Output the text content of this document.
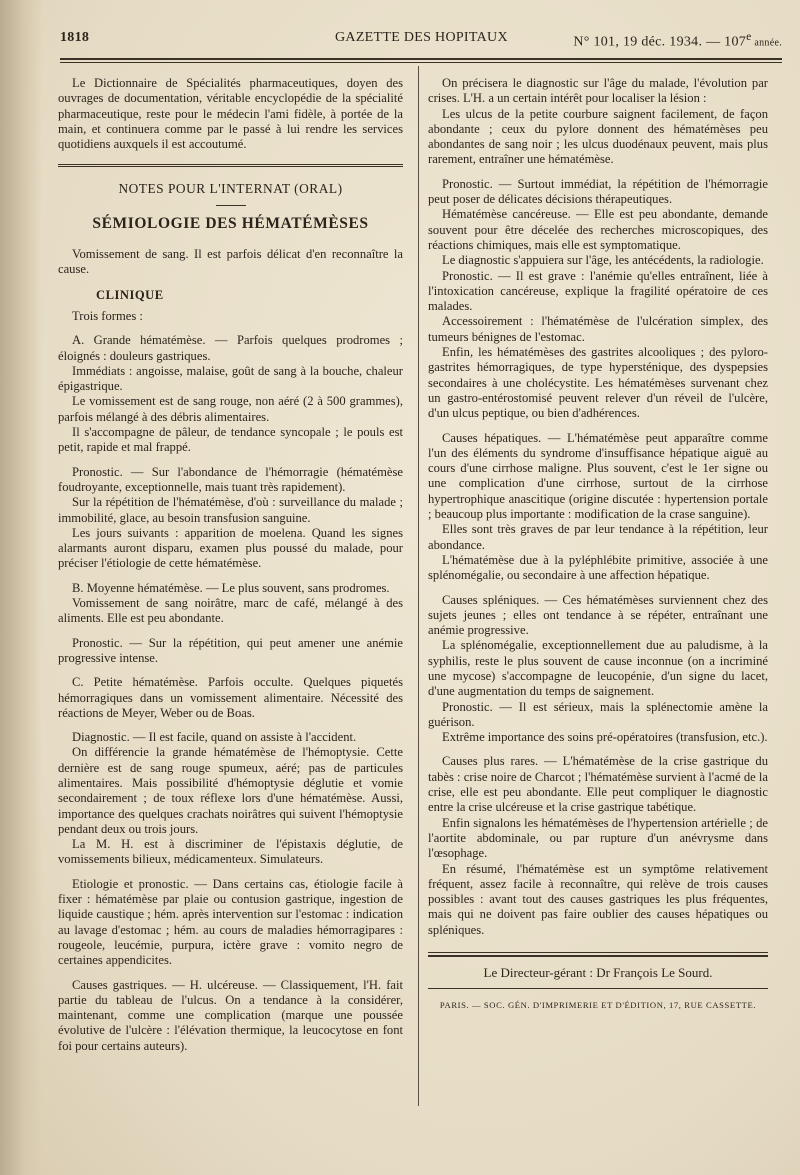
1818	GAZETTE DES HOPITAUX	N° 101, 19 déc. 1934. — 107e année.

Le Dictionnaire de Spécialités pharmaceutiques, doyen des ouvrages de documentation, véritable encyclopédie de la spécialité pharmaceutique, reste pour le médecin l'ami fidèle, à portée de la main, et continuera comme par le passé à lui rendre les services quotidiens auxquels il est accoutumé.

NOTES POUR L'INTERNAT (ORAL)
SÉMIOLOGIE DES HÉMATÉMÈSES

Vomissement de sang. Il est parfois délicat d'en reconnaître la cause.

CLINIQUE

Trois formes :

A. Grande hématémèse. — Parfois quelques prodromes ; éloignés : douleurs gastriques.

Immédiats : angoisse, malaise, goût de sang à la bouche, chaleur épigastrique.

Le vomissement est de sang rouge, non aéré (2 à 500 grammes), parfois mélangé à des débris alimentaires.

Il s'accompagne de pâleur, de tendance syncopale ; le pouls est petit, rapide et mal frappé.

Pronostic. — Sur l'abondance de l'hémorragie (hématémèse foudroyante, exceptionnelle, mais tuant très rapidement).

Sur la répétition de l'hématémèse, d'où : surveillance du malade ; immobilité, glace, au besoin transfusion sanguine.

Les jours suivants : apparition de moelena. Quand les signes alarmants auront disparu, examen plus poussé du malade, pour préciser l'étiologie de cette hématémèse.

B. Moyenne hématémèse. — Le plus souvent, sans prodromes.

Vomissement de sang noirâtre, marc de café, mélangé à des aliments. Elle est peu abondante.

Pronostic. — Sur la répétition, qui peut amener une anémie progressive intense.

C. Petite hématémèse. Parfois occulte. Quelques piquetés hémorragiques dans un vomissement alimentaire. Nécessité des réactions de Meyer, Weber ou de Boas.

Diagnostic. — Il est facile, quand on assiste à l'accident.

On différencie la grande hématémèse de l'hémoptysie. Cette dernière est de sang rouge spumeux, aéré; pas de particules alimentaires. Mais possibilité d'hémoptysie déglutie et vomie secondairement ; de toux réflexe lors d'une hématémèse. Aussi, importance des quelques crachats noirâtres qui suivent l'hémoptysie pendant deux ou trois jours.

La M. H. est à discriminer de l'épistaxis déglutie, de vomissements bilieux, médicamenteux. Simulateurs.

Etiologie et pronostic. — Dans certains cas, étiologie facile à fixer : hématémèse par plaie ou contusion gastrique, ingestion de liquide caustique ; hém. après intervention sur l'estomac : indication au lavage d'estomac ; hém. au cours de maladies hémorragipares : rougeole, leucémie, purpura, ictère grave : vomito negro de certaines appendicites.

Causes gastriques. — H. ulcéreuse. — Classiquement, l'H. fait partie du tableau de l'ulcus. On a tendance à la considérer, maintenant, comme une complication (marque une poussée évolutive de l'ulcère : l'élévation thermique, la leucocytose en font foi pour certains auteurs).

On précisera le diagnostic sur l'âge du malade, l'évolution par crises. L'H. a un certain intérêt pour localiser la lésion :

Les ulcus de la petite courbure saignent facilement, de façon abondante ; ceux du pylore donnent des hématémèses peu abondantes de sang noir ; les ulcus duodénaux peuvent, mais plus rarement, entraîner une hématémèse.

Pronostic. — Surtout immédiat, la répétition de l'hémorragie peut poser de délicates décisions thérapeutiques.

Hématémèse cancéreuse. — Elle est peu abondante, demande souvent pour être décelée des recherches microscopiques, des réactions chimiques, mais elle est symptomatique.

Le diagnostic s'appuiera sur l'âge, les antécédents, la radiologie.

Pronostic. — Il est grave : l'anémie qu'elles entraînent, liée à l'intoxication cancéreuse, explique la fragilité opératoire de ces malades.

Accessoirement : l'hématémèse de l'ulcération simplex, des tumeurs bénignes de l'estomac.

Enfin, les hématémèses des gastrites alcooliques ; des pyloro-gastrites hémorragiques, de type hypersténique, des dyspepsies secondaires à une cholécystite. Les hématémèses survenant chez un gastro-entérostomisé peuvent relever d'un réveil de l'ulcère, d'un ulcus peptique, ou bien d'adhérences.

Causes hépatiques. — L'hématémèse peut apparaître comme l'un des éléments du syndrome d'insuffisance hépatique aiguë au cours d'une cirrhose maligne. Plus souvent, c'est le 1er signe ou une complication d'une cirrhose, surtout de la cirrhose hypertrophique anascitique (origine discutée : hypertension portale ; beaucoup plus importante : modification de la crase sanguine).

Elles sont très graves de par leur tendance à la répétition, leur abondance.

L'hématémèse due à la pyléphlébite primitive, associée à une splénomégalie, ou secondaire à une affection hépatique.

Causes spléniques. — Ces hématémèses surviennent chez des sujets jeunes ; elles ont tendance à se répéter, entraînant une anémie progressive.

La splénomégalie, exceptionnellement due au paludisme, à la syphilis, reste le plus souvent de cause inconnue (on a incriminé une mycose) s'accompagne de leucopénie, d'un signe du lacet, d'une augmentation du temps de saignement.

Pronostic. — Il est sérieux, mais la splénectomie amène la guérison.

Extrême importance des soins pré-opératoires (transfusion, etc.).

Causes plus rares. — L'hématémèse de la crise gastrique du tabès : crise noire de Charcot ; l'hématémèse survient à l'acmé de la crise, elle est peu abondante. Elle peut compliquer le diagnostic entre la crise ulcéreuse et la crise gastrique tabétique.

Enfin signalons les hématémèses de l'hypertension artérielle ; de l'aortite abdominale, ou par rupture d'un anévrysme dans l'œsophage.

En résumé, l'hématémèse est un symptôme relativement fréquent, assez facile à reconnaître, qui relève de trois causes possibles : avant tout des causes gastriques les plus fréquentes, mais qui ne doivent pas faire oublier des causes hépatiques ou spléniques.

Le Directeur-gérant : Dr François Le Sourd.
PARIS. — SOC. GÉN. D'IMPRIMERIE ET D'ÉDITION, 17, RUE CASSETTE.
